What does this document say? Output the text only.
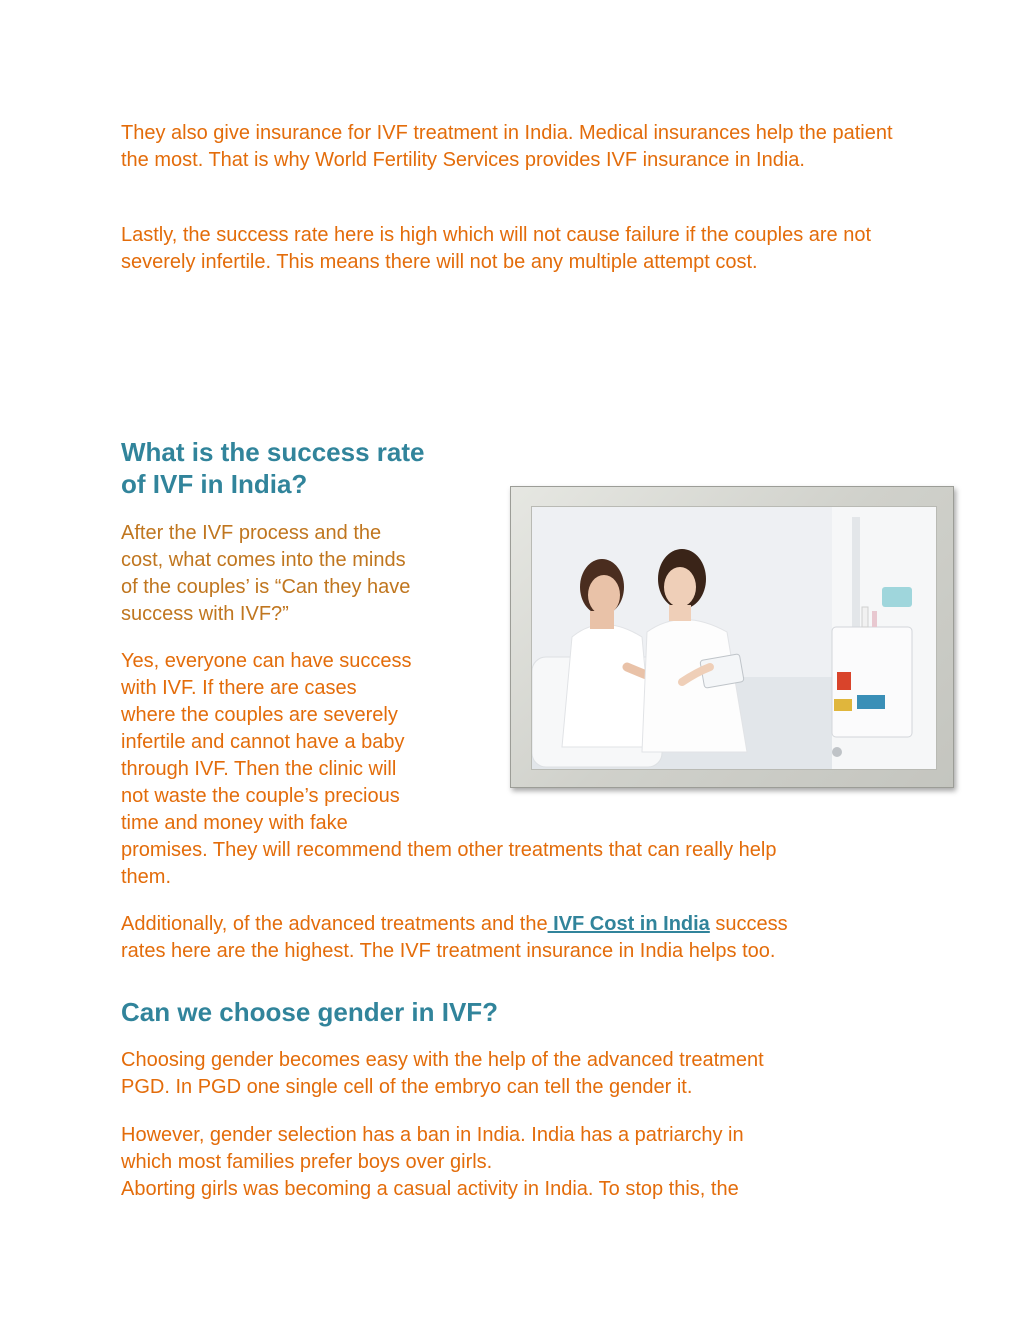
They also give insurance for IVF treatment in India. Medical insurances help the patient the most. That is why World Fertility Services provides IVF insurance in India.

Lastly, the success rate here is high which will not cause failure if the couples are not severely infertile. This means there will not be any multiple attempt cost.

What is the success rate
of IVF in India?

After the IVF process and the
cost, what comes into the minds
of the couples’ is “Can they have
success with IVF?”

Yes, everyone can have success
with IVF. If there are cases
where the couples are severely
infertile and cannot have a baby
through IVF. Then the clinic will
not waste the couple’s precious
time and money with fake
promises. They will recommend them other treatments that can really help
them.

Additionally, of the advanced treatments and the IVF Cost in India success
rates here are the highest. The IVF treatment insurance in India helps too.

Can we choose gender in IVF?

Choosing gender becomes easy with the help of the advanced treatment
PGD. In PGD one single cell of the embryo can tell the gender it.

However, gender selection has a ban in India. India has a patriarchy in
which most families prefer boys over girls.
Aborting girls was becoming a casual activity in India. To stop this, the
